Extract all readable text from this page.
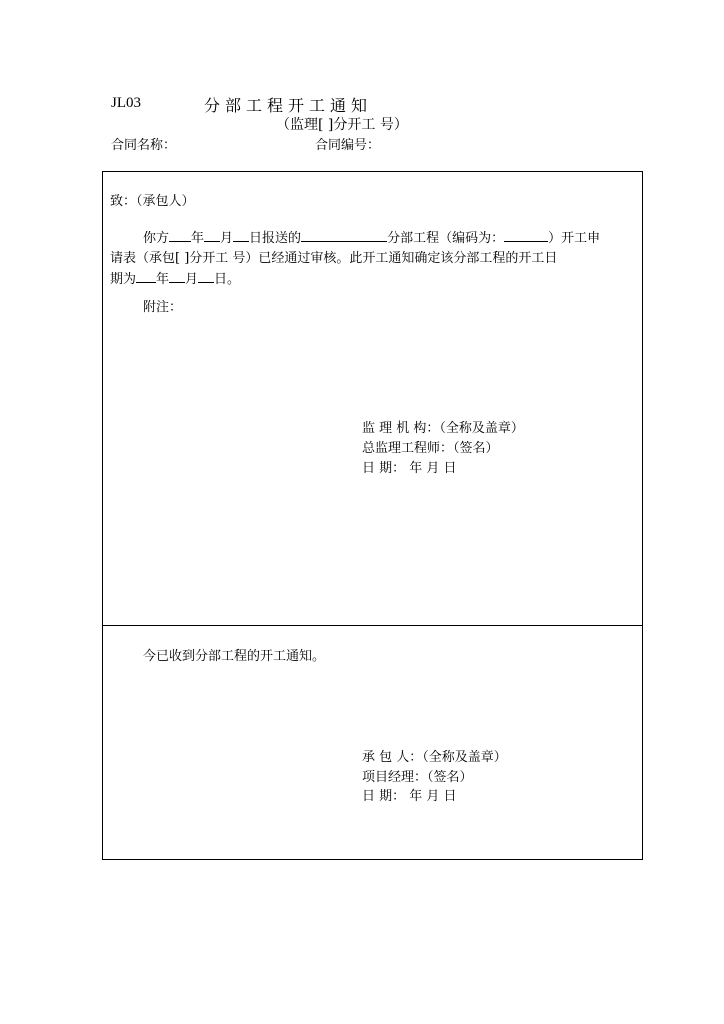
JL03	分部工程开工通知
（监理[ ]分开工 号）
合同名称：	合同编号：
致：（承包人）
你方 年 月 日报送的	分部工程（编码为：	）开工申
请表（承包[ ]分开工 号）已经通过审核。此开工通知确定该分部工程的开工日
期为 年 月 日。
附注：
监 理 机 构：（全称及盖章）
总监理工程师：（签名）
日 期： 年 月 日
今已收到分部工程的开工通知。
承 包 人：（全称及盖章）
项目经理：（签名）
日 期： 年 月 日
